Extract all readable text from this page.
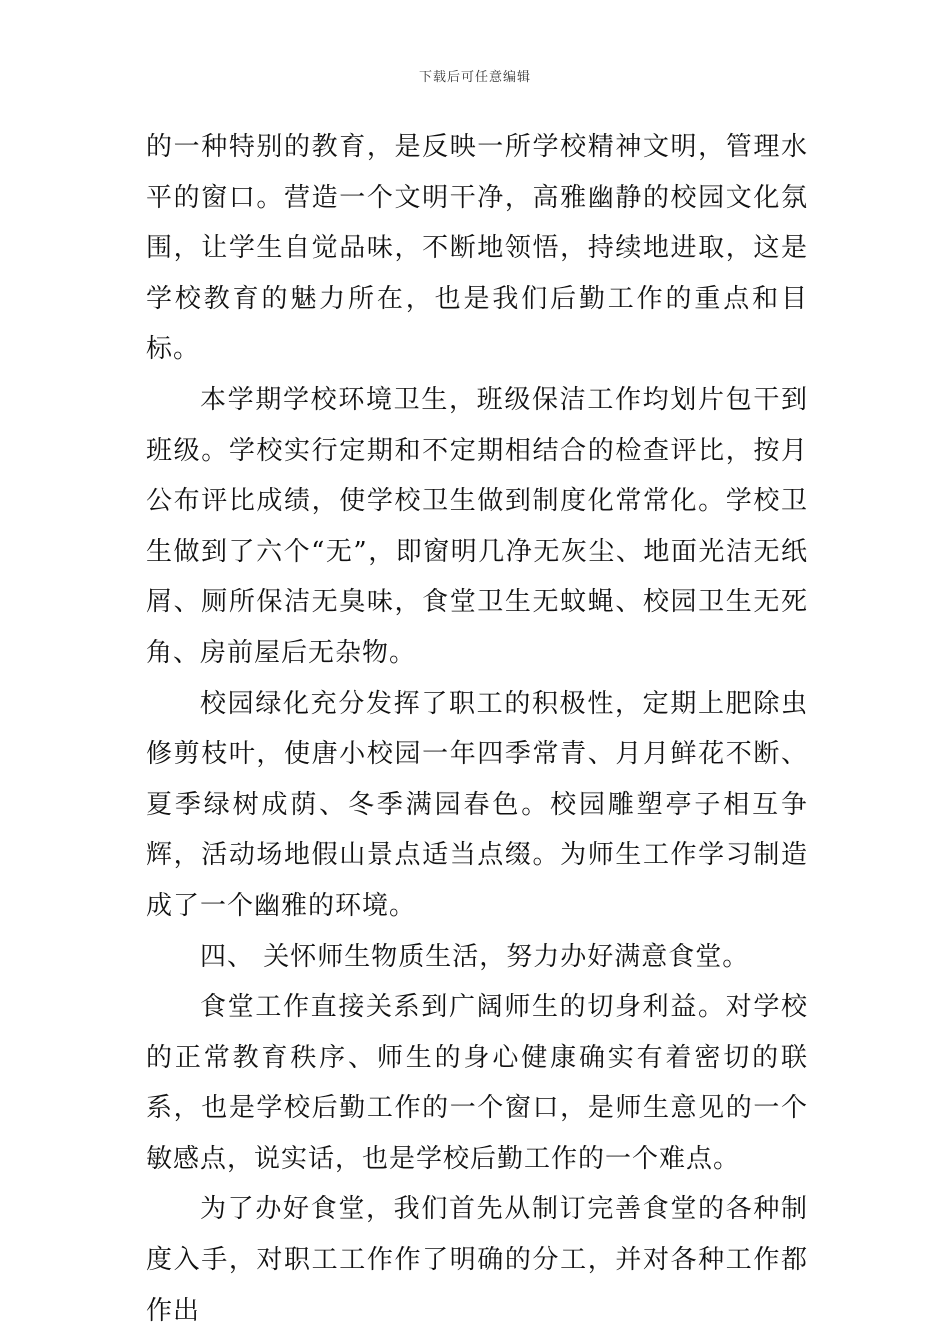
下载后可任意编辑

的一种特别的教育，是反映一所学校精神文明，管理水平的窗口。营造一个文明干净，高雅幽静的校园文化氛围，让学生自觉品味，不断地领悟，持续地进取，这是学校教育的魅力所在，也是我们后勤工作的重点和目标。

本学期学校环境卫生，班级保洁工作均划片包干到班级。学校实行定期和不定期相结合的检查评比，按月公布评比成绩，使学校卫生做到制度化常常化。学校卫生做到了六个“无”，即窗明几净无灰尘、地面光洁无纸屑、厕所保洁无臭味，食堂卫生无蚊蝇、校园卫生无死角、房前屋后无杂物。

校园绿化充分发挥了职工的积极性，定期上肥除虫修剪枝叶，使唐小校园一年四季常青、月月鲜花不断、夏季绿树成荫、冬季满园春色。校园雕塑亭子相互争辉，活动场地假山景点适当点缀。为师生工作学习制造成了一个幽雅的环境。

四、 关怀师生物质生活，努力办好满意食堂。

食堂工作直接关系到广阔师生的切身利益。对学校的正常教育秩序、师生的身心健康确实有着密切的联系，也是学校后勤工作的一个窗口，是师生意见的一个敏感点，说实话，也是学校后勤工作的一个难点。

为了办好食堂，我们首先从制订完善食堂的各种制度入手，对职工工作作了明确的分工，并对各种工作都作出
